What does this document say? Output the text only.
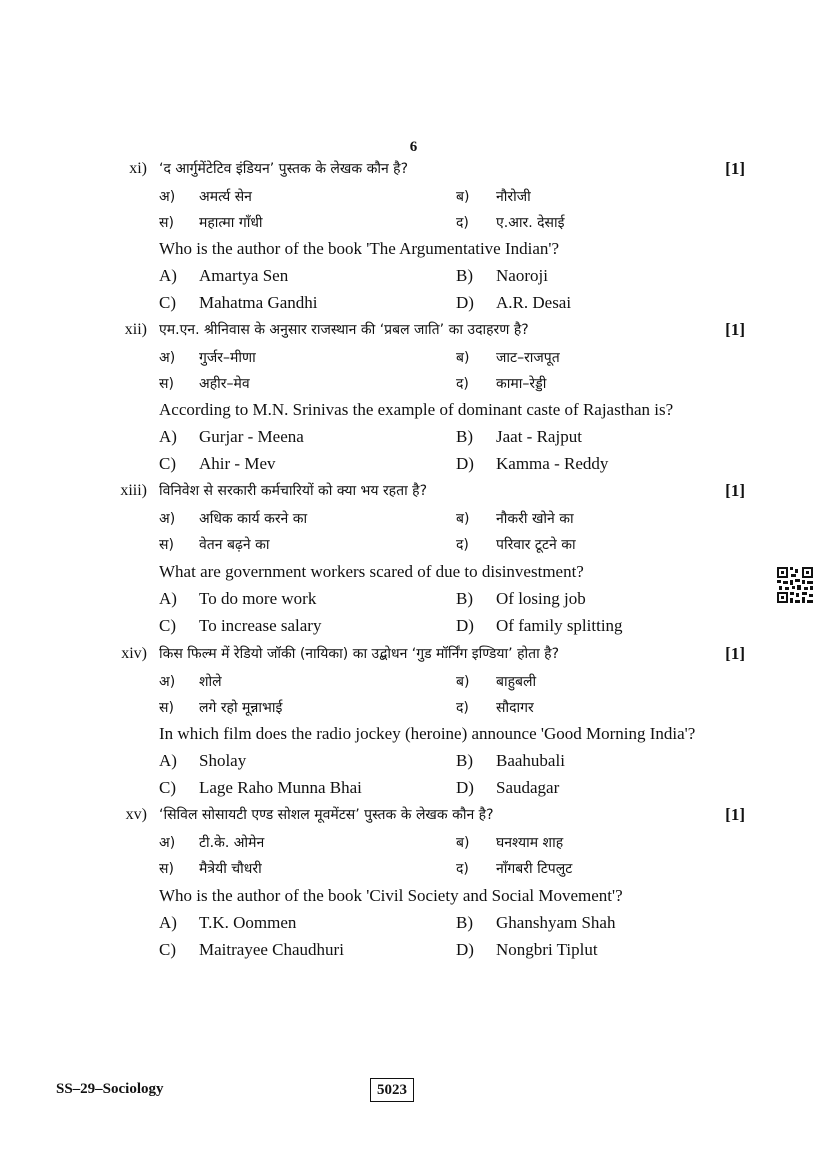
6
xi) ‘द आर्गुमेंटेटिव इंडियन’ पुस्तक के लेखक कौन है?	[1]
अ) अमर्त्य सेन	ब) नौरोजी
स) महात्मा गाँधी	द) ए.आर. देसाई
Who is the author of the book 'The Argumentative Indian'?
A) Amartya Sen	B) Naoroji
C) Mahatma Gandhi	D) A.R. Desai
xii) एम.एन. श्रीनिवास के अनुसार राजस्थान की ‘प्रबल जाति’ का उदाहरण है?	[1]
अ) गुर्जर–मीणा	ब) जाट–राजपूत
स) अहीर–मेव	द) कामा–रेड्डी
According to M.N. Srinivas the example of dominant caste of Rajasthan is?
A) Gurjar - Meena	B) Jaat - Rajput
C) Ahir - Mev	D) Kamma - Reddy
xiii) विनिवेश से सरकारी कर्मचारियों को क्या भय रहता है?	[1]
अ) अधिक कार्य करने का	ब) नौकरी खोने का
स) वेतन बढ़ने का	द) परिवार टूटने का
What are government workers scared of due to disinvestment?
A) To do more work	B) Of losing job
C) To increase salary	D) Of family splitting
xiv) किस फिल्म में रेडियो जॉकी (नायिका) का उद्बोधन ‘गुड मॉर्निंग इण्डिया’ होता है?	[1]
अ) शोले	ब) बाहुबली
स) लगे रहो मून्नाभाई	द) सौदागर
In which film does the radio jockey (heroine) announce 'Good Morning India'?
A) Sholay	B) Baahubali
C) Lage Raho Munna Bhai	D) Saudagar
xv) ‘सिविल सोसायटी एण्ड सोशल मूवमेंटस’ पुस्तक के लेखक कौन है?	[1]
अ) टी.के. ओमेन	ब) घनश्याम शाह
स) मैत्रेयी चौधरी	द) नाँगबरी टिपलुट
Who is the author of the book 'Civil Society and Social Movement'?
A) T.K. Oommen	B) Ghanshyam Shah
C) Maitrayee Chaudhuri	D) Nongbri Tiplut
SS–29–Sociology	5023
